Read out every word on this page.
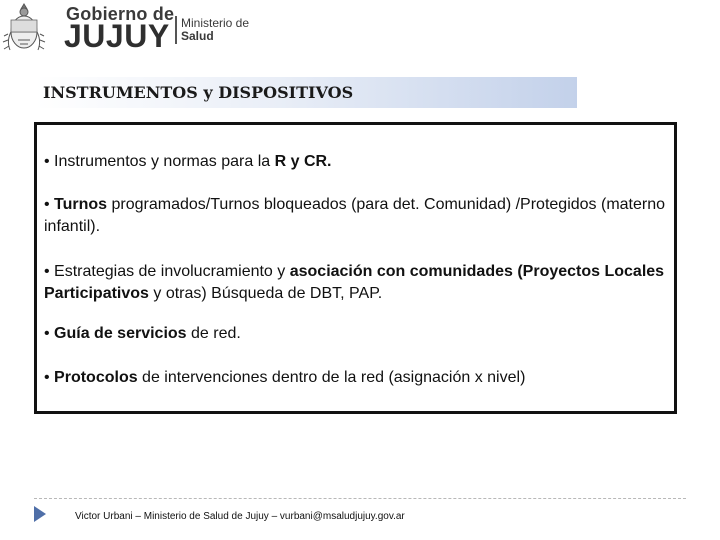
Gobierno de
JUJUY Ministerio de
Salud
INSTRUMENTOS y DISPOSITIVOS
• Instrumentos y normas para la R y CR.
• Turnos programados/Turnos bloqueados (para det. Comunidad) /Protegidos (materno infantil).
• Estrategias de involucramiento y asociación con comunidades (Proyectos Locales Participativos y otras) Búsqueda de DBT, PAP.
• Guía de servicios de red.
• Protocolos de intervenciones dentro de la red (asignación x nivel)
Victor Urbani – Ministerio de Salud de Jujuy – vurbani@msaludjujuy.gov.ar
